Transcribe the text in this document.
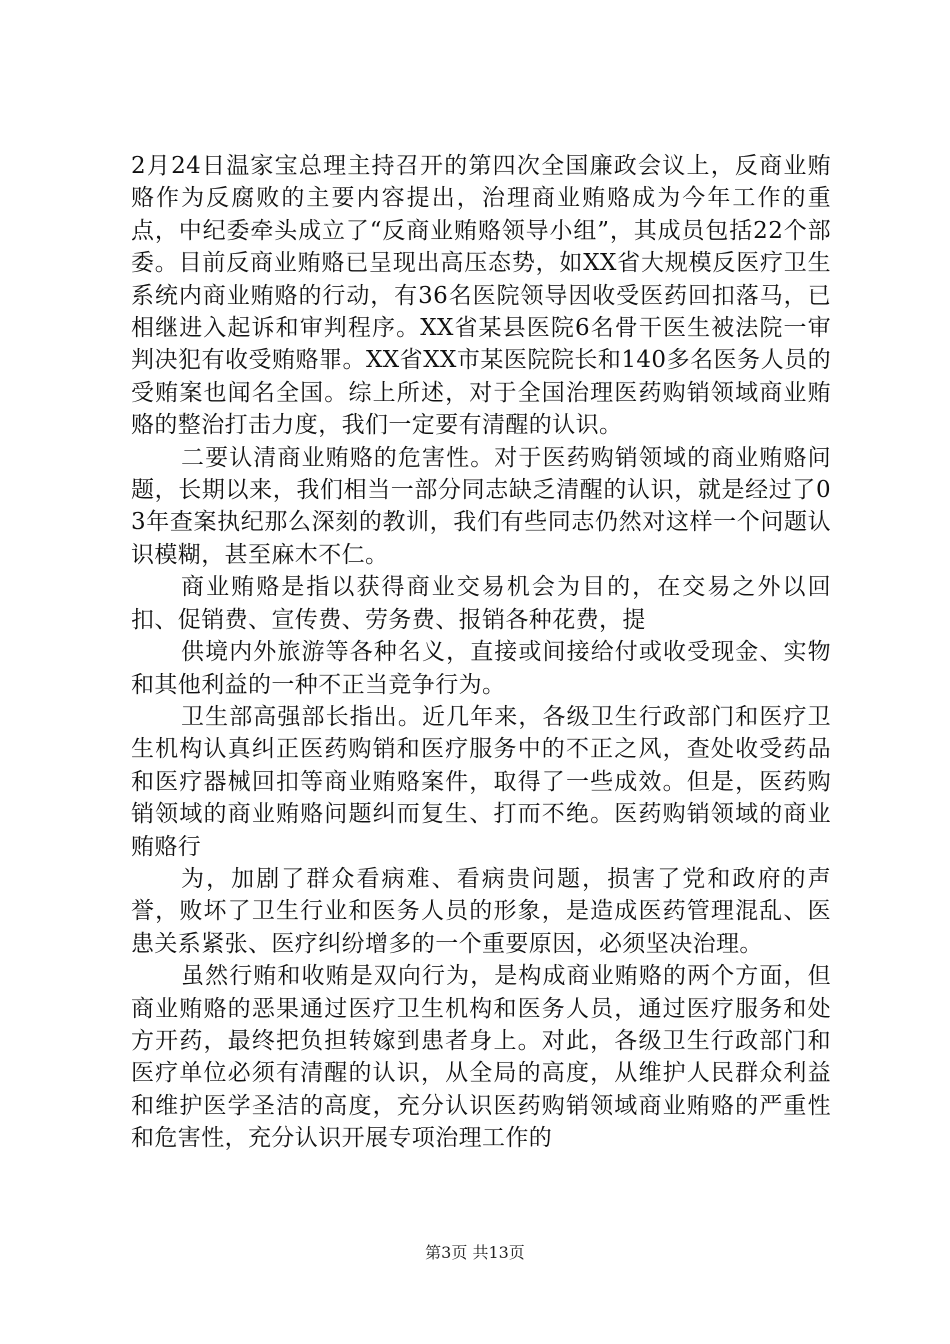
2月24日温家宝总理主持召开的第四次全国廉政会议上，反商业贿赂作为反腐败的主要内容提出，治理商业贿赂成为今年工作的重点，中纪委牵头成立了“反商业贿赂领导小组”，其成员包括22个部委。目前反商业贿赂已呈现出高压态势，如XX省大规模反医疗卫生系统内商业贿赂的行动，有36名医院领导因收受医药回扣落马，已相继进入起诉和审判程序。XX省某县医院6名骨干医生被法院一审判决犯有收受贿赂罪。XX省XX市某医院院长和140多名医务人员的受贿案也闻名全国。综上所述，对于全国治理医药购销领域商业贿赂的整治打击力度，我们一定要有清醒的认识。

二要认清商业贿赂的危害性。对于医药购销领域的商业贿赂问题，长期以来，我们相当一部分同志缺乏清醒的认识，就是经过了03年查案执纪那么深刻的教训，我们有些同志仍然对这样一个问题认识模糊，甚至麻木不仁。

商业贿赂是指以获得商业交易机会为目的，在交易之外以回扣、促销费、宣传费、劳务费、报销各种花费，提

供境内外旅游等各种名义，直接或间接给付或收受现金、实物和其他利益的一种不正当竞争行为。

卫生部高强部长指出。近几年来，各级卫生行政部门和医疗卫生机构认真纠正医药购销和医疗服务中的不正之风，查处收受药品和医疗器械回扣等商业贿赂案件，取得了一些成效。但是，医药购销领域的商业贿赂问题纠而复生、打而不绝。医药购销领域的商业贿赂行

为，加剧了群众看病难、看病贵问题，损害了党和政府的声誉，败坏了卫生行业和医务人员的形象，是造成医药管理混乱、医患关系紧张、医疗纠纷增多的一个重要原因，必须坚决治理。

虽然行贿和收贿是双向行为，是构成商业贿赂的两个方面，但商业贿赂的恶果通过医疗卫生机构和医务人员，通过医疗服务和处方开药，最终把负担转嫁到患者身上。对此，各级卫生行政部门和医疗单位必须有清醒的认识，从全局的高度，从维护人民群众利益和维护医学圣洁的高度，充分认识医药购销领域商业贿赂的严重性和危害性，充分认识开展专项治理工作的

第3页 共13页
